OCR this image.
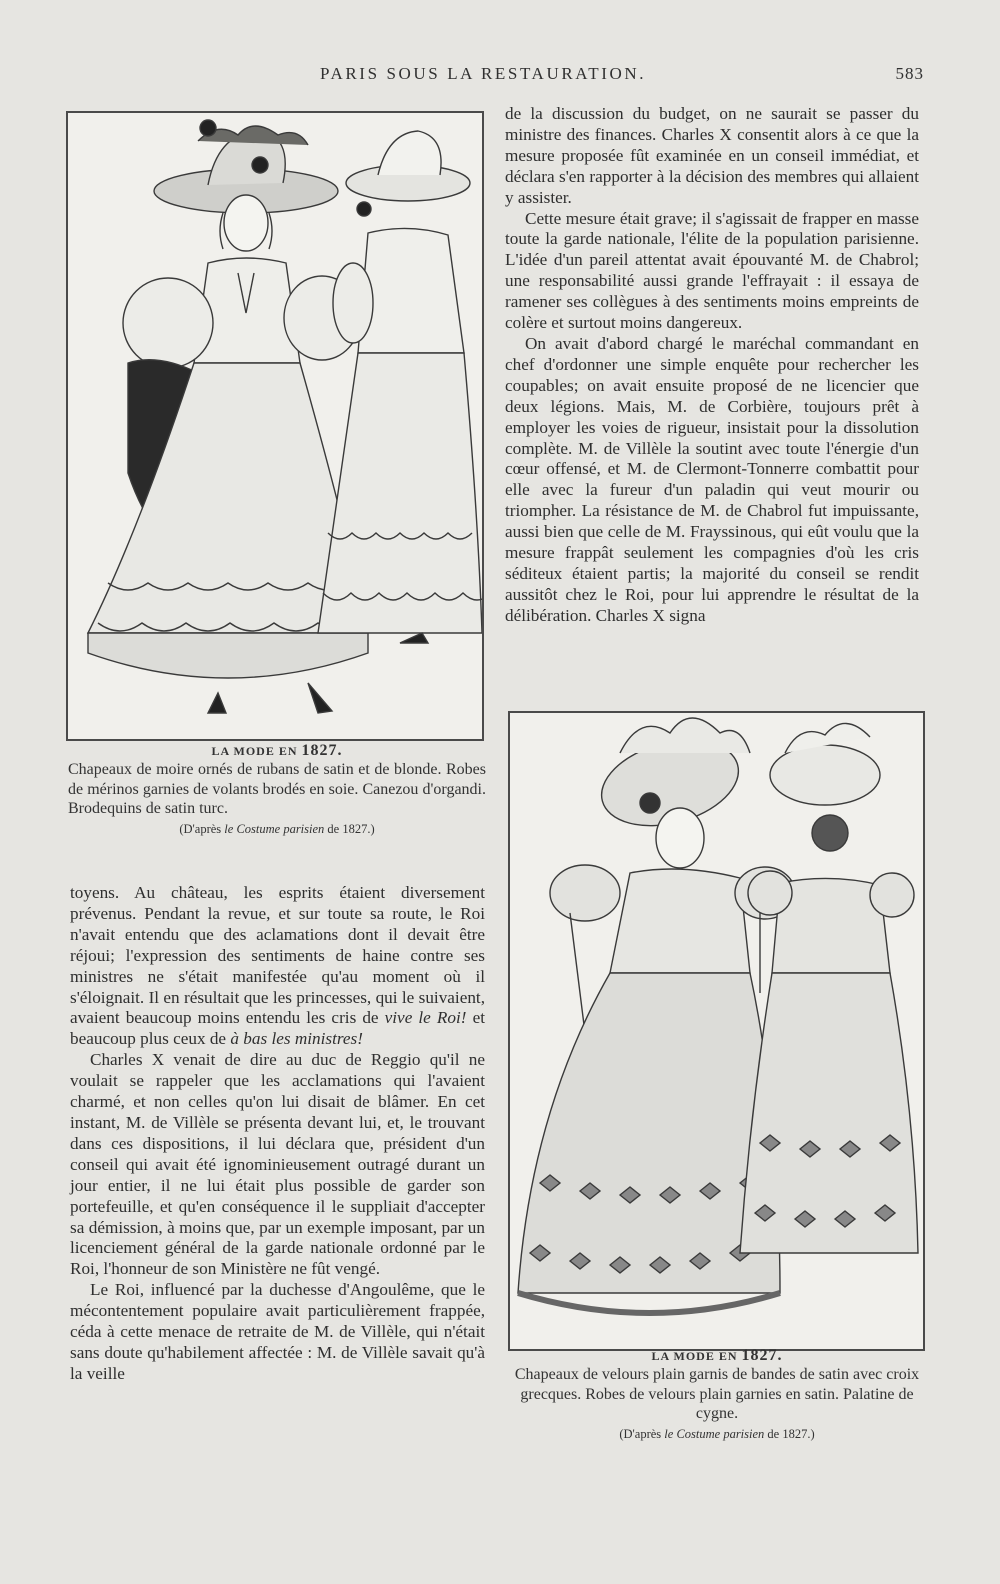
PARIS SOUS LA RESTAURATION.	583
LA MODE EN 1827.
Chapeaux de moire ornés de rubans de satin et de blonde. Robes de mérinos garnies de volants brodés en soie. Canezou d'organdi. Brodequins de satin turc.
(D'après le Costume parisien de 1827.)

de la discussion du budget, on ne saurait se passer du ministre des finances. Charles X consentit alors à ce que la mesure proposée fût examinée en un conseil immédiat, et déclara s'en rapporter à la décision des membres qui allaient y assister.

Cette mesure était grave; il s'agissait de frapper en masse toute la garde nationale, l'élite de la population parisienne. L'idée d'un pareil attentat avait épouvanté M. de Chabrol; une responsabilité aussi grande l'effrayait : il essaya de ramener ses collègues à des sentiments moins empreints de colère et surtout moins dangereux.

On avait d'abord chargé le maréchal commandant en chef d'ordonner une simple enquête pour rechercher les coupables; on avait ensuite proposé de ne licencier que deux légions. Mais, M. de Corbière, toujours prêt à employer les voies de rigueur, insistait pour la dissolution complète. M. de Villèle la soutint avec toute l'énergie d'un cœur offensé, et M. de Clermont-Tonnerre combattit pour elle avec la fureur d'un paladin qui veut mourir ou triompher. La résistance de M. de Chabrol fut impuissante, aussi bien que celle de M. Frayssinous, qui eût voulu que la mesure frappât seulement les compagnies d'où les cris séditeux étaient partis; la majorité du conseil se rendit aussitôt chez le Roi, pour lui apprendre le résultat de la délibération. Charles X signa

toyens. Au château, les esprits étaient diversement prévenus. Pendant la revue, et sur toute sa route, le Roi n'avait entendu que des aclamations dont il devait être réjoui; l'expression des sentiments de haine contre ses ministres ne s'était manifestée qu'au moment où il s'éloignait. Il en résultait que les princesses, qui le suivaient, avaient beaucoup moins entendu les cris de vive le Roi! et beaucoup plus ceux de à bas les ministres!

Charles X venait de dire au duc de Reggio qu'il ne voulait se rappeler que les acclamations qui l'avaient charmé, et non celles qu'on lui disait de blâmer. En cet instant, M. de Villèle se présenta devant lui, et, le trouvant dans ces dispositions, il lui déclara que, président d'un conseil qui avait été ignominieusement outragé durant un jour entier, il ne lui était plus possible de garder son portefeuille, et qu'en conséquence il le suppliait d'accepter sa démission, à moins que, par un exemple imposant, par un licenciement général de la garde nationale ordonné par le Roi, l'honneur de son Ministère ne fût vengé.

Le Roi, influencé par la duchesse d'Angoulême, que le mécontentement populaire avait particulièrement frappée, céda à cette menace de retraite de M. de Villèle, qui n'était sans doute qu'habilement affectée : M. de Villèle savait qu'à la veille

LA MODE EN 1827.
Chapeaux de velours plain garnis de bandes de satin avec croix grecques. Robes de velours plain garnies en satin. Palatine de cygne.
(D'après le Costume parisien de 1827.)
